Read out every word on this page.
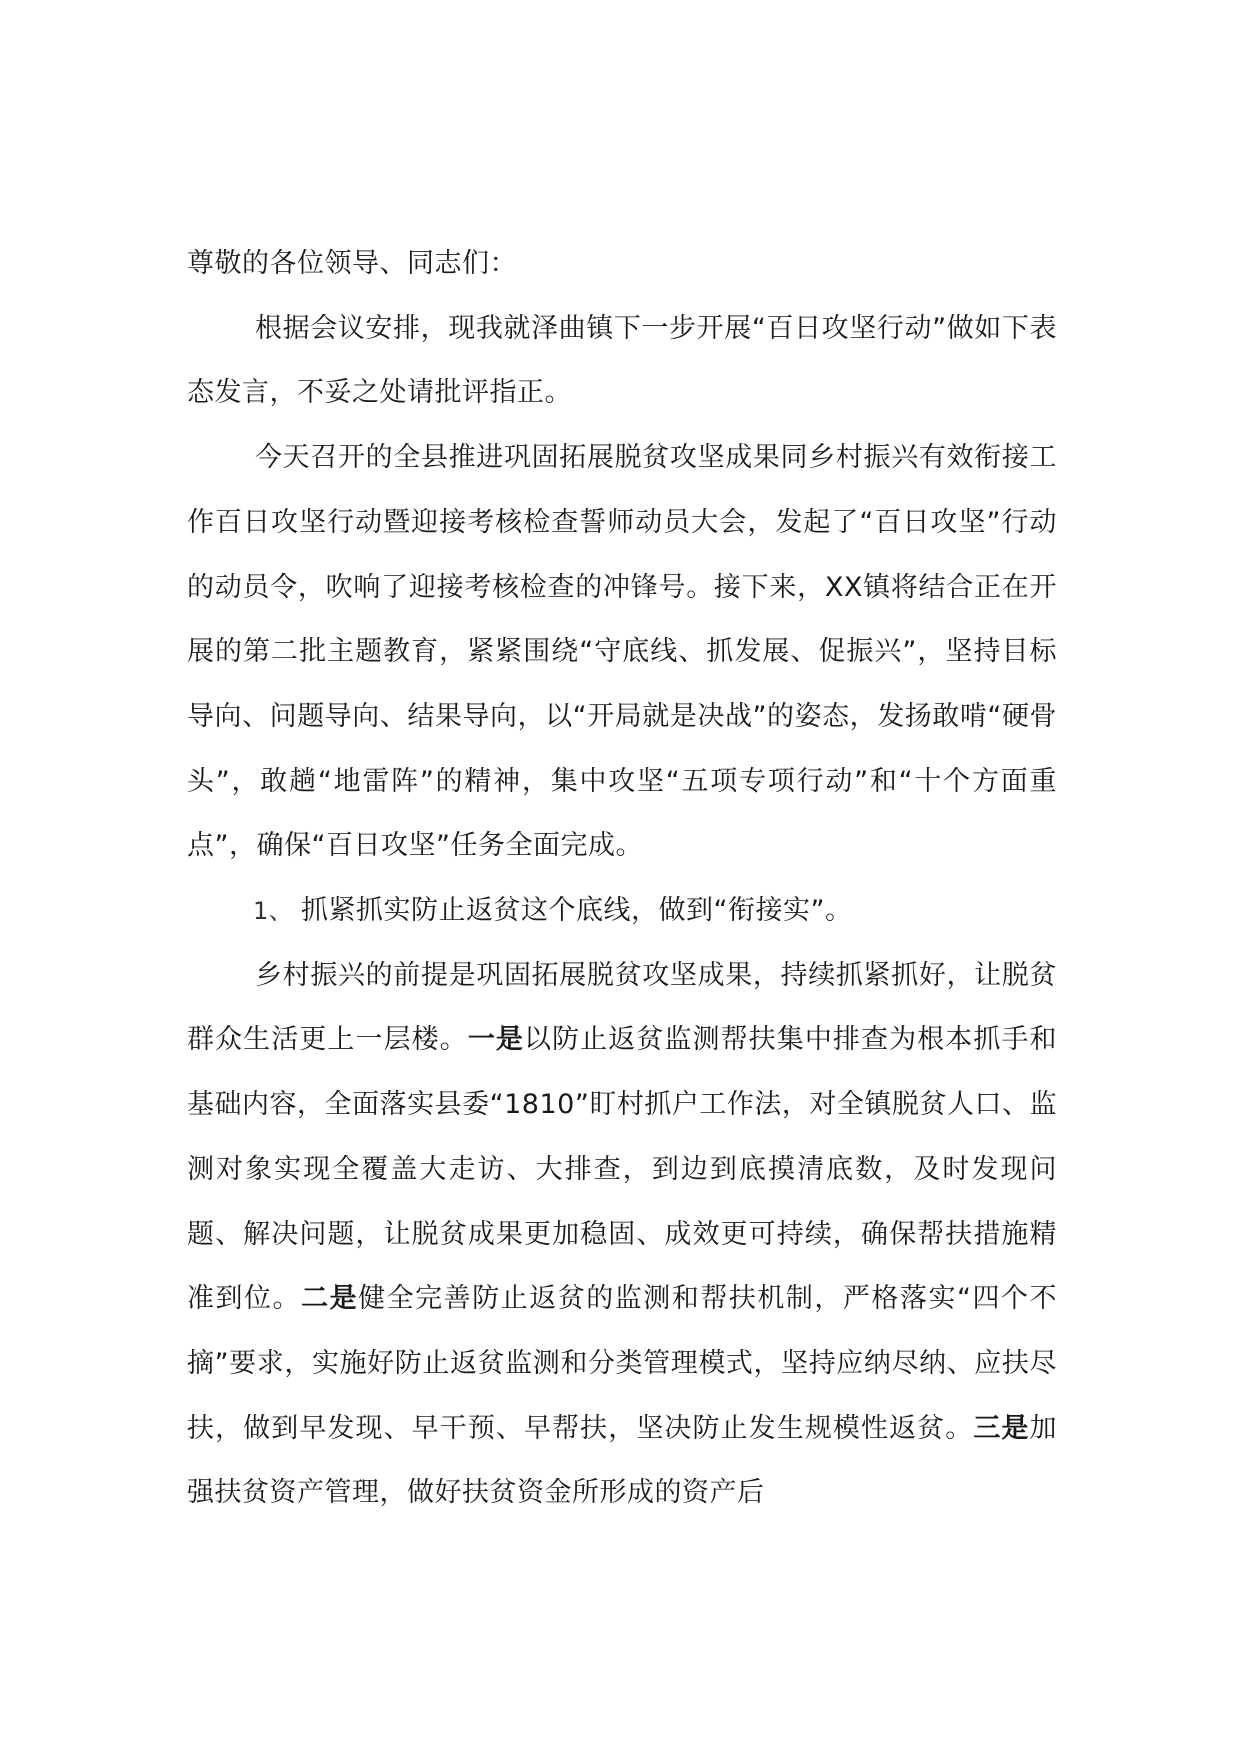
尊敬的各位领导、同志们：

根据会议安排，现我就泽曲镇下一步开展“百日攻坚行动”做如下表态发言，不妥之处请批评指正。

今天召开的全县推进巩固拓展脱贫攻坚成果同乡村振兴有效衔接工作百日攻坚行动暨迎接考核检查誓师动员大会，发起了“百日攻坚”行动的动员令，吹响了迎接考核检查的冲锋号。接下来，XX镇将结合正在开展的第二批主题教育，紧紧围绕“守底线、抓发展、促振兴”，坚持目标导向、问题导向、结果导向，以“开局就是决战”的姿态，发扬敢啃“硬骨头”，敢趟“地雷阵”的精神，集中攻坚“五项专项行动”和“十个方面重点”，确保“百日攻坚”任务全面完成。

1、 抓紧抓实防止返贫这个底线，做到“衔接实”。

乡村振兴的前提是巩固拓展脱贫攻坚成果，持续抓紧抓好，让脱贫群众生活更上一层楼。一是以防止返贫监测帮扶集中排查为根本抓手和基础内容，全面落实县委“1810”盯村抓户工作法，对全镇脱贫人口、监测对象实现全覆盖大走访、大排查，到边到底摸清底数，及时发现问题、解决问题，让脱贫成果更加稳固、成效更可持续，确保帮扶措施精准到位。二是健全完善防止返贫的监测和帮扶机制，严格落实“四个不摘”要求，实施好防止返贫监测和分类管理模式，坚持应纳尽纳、应扶尽扶，做到早发现、早干预、早帮扶，坚决防止发生规模性返贫。三是加强扶贫资产管理，做好扶贫资金所形成的资产后
